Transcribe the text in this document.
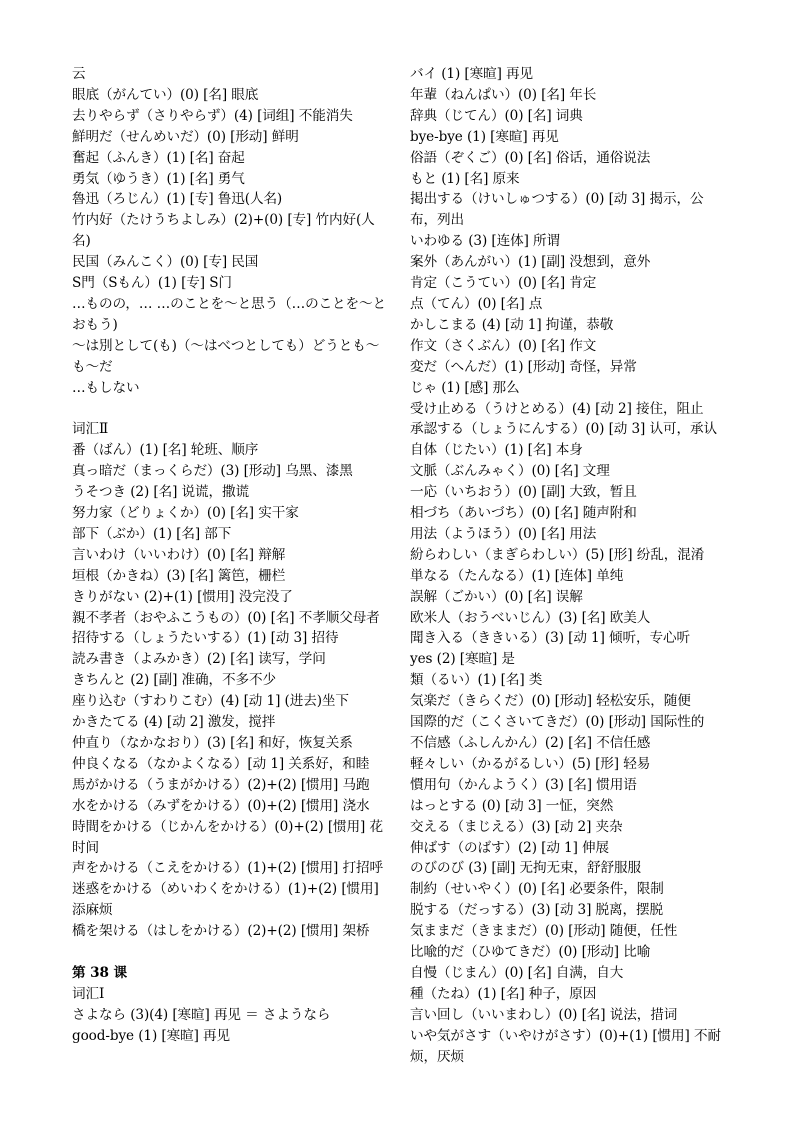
云
眼底（がんてい）(0) [名] 眼底
去りやらず（さりやらず）(4) [词组] 不能消失
鮮明だ（せんめいだ）(0) [形动] 鲜明
奮起（ふんき）(1) [名] 奋起
勇気（ゆうき）(1) [名] 勇气
魯迅（ろじん）(1) [专] 鲁迅(人名)
竹内好（たけうちよしみ）(2)+(0) [专] 竹内好(人名)
民国（みんこく）(0) [专] 民国
S門（Sもん）(1) [专] S门
…ものの，… …のことを～と思う（…のことを～とおもう)
～は別として(も)（～はべつとしても）どうとも～も～だ
…もしない
词汇Ⅱ
番（ばん）(1) [名] 轮班、顺序
真っ暗だ（まっくらだ）(3) [形动] 乌黑、漆黑
うそつき (2) [名] 说谎，撒谎
努力家（どりょくか）(0) [名] 实干家
部下（ぶか）(1) [名] 部下
言いわけ（いいわけ）(0) [名] 辩解
垣根（かきね）(3) [名] 篱笆，栅栏
きりがない (2)+(1) [惯用] 没完没了
親不孝者（おやふこうもの）(0) [名] 不孝顺父母者
招待する（しょうたいする）(1) [动 3] 招待
読み書き（よみかき）(2) [名] 读写，学问
きちんと (2) [副] 准确，不多不少
座り込む（すわりこむ）(4) [动 1] (进去)坐下
かきたてる (4) [动 2] 激发，搅拌
仲直り（なかなおり）(3) [名] 和好，恢复关系
仲良くなる（なかよくなる）[动 1] 关系好，和睦
馬がかける（うまがかける）(2)+(2) [惯用] 马跑
水をかける（みずをかける）(0)+(2) [惯用] 浇水
時間をかける（じかんをかける）(0)+(2) [惯用] 花时间
声をかける（こえをかける）(1)+(2) [惯用] 打招呼
迷惑をかける（めいわくをかける）(1)+(2) [惯用] 添麻烦
橋を架ける（はしをかける）(2)+(2) [惯用] 架桥
第 38 课
词汇Ⅰ
さよなら (3)(4) [寒暄] 再见 ＝ さようなら
good-bye (1) [寒暄] 再见
バイ (1) [寒暄] 再见
年輩（ねんぱい）(0) [名] 年长
辞典（じてん）(0) [名] 词典
bye-bye (1) [寒暄] 再见
俗語（ぞくご）(0) [名] 俗话，通俗说法
もと (1) [名] 原来
掲出する（けいしゅつする）(0) [动 3] 揭示，公布，列出
いわゆる (3) [连体] 所谓
案外（あんがい）(1) [副] 没想到，意外
肯定（こうてい）(0) [名] 肯定
点（てん）(0) [名] 点
かしこまる (4) [动 1] 拘谨，恭敬
作文（さくぶん）(0) [名] 作文
変だ（へんだ）(1) [形动] 奇怪，异常
じゃ (1) [感] 那么
受け止める（うけとめる）(4) [动 2] 接住，阻止
承認する（しょうにんする）(0) [动 3] 认可，承认
自体（じたい）(1) [名] 本身
文脈（ぶんみゃく）(0) [名] 文理
一応（いちおう）(0) [副] 大致，暂且
相づち（あいづち）(0) [名] 随声附和
用法（ようほう）(0) [名] 用法
紛らわしい（まぎらわしい）(5) [形] 纷乱，混淆
単なる（たんなる）(1) [连体] 单纯
誤解（ごかい）(0) [名] 误解
欧米人（おうべいじん）(3) [名] 欧美人
聞き入る（ききいる）(3) [动 1] 倾听，专心听
yes (2) [寒暄] 是
類（るい）(1) [名] 类
気楽だ（きらくだ）(0) [形动] 轻松安乐，随便
国際的だ（こくさいてきだ）(0) [形动] 国际性的
不信感（ふしんかん）(2) [名] 不信任感
軽々しい（かるがるしい）(5) [形] 轻易
慣用句（かんようく）(3) [名] 惯用语
はっとする (0) [动 3] 一怔，突然
交える（まじえる）(3) [动 2] 夹杂
伸ばす（のばす）(2) [动 1] 伸展
のびのび (3) [副] 无拘无束，舒舒服服
制約（せいやく）(0) [名] 必要条件，限制
脱する（だっする）(3) [动 3] 脱离，摆脱
気ままだ（きままだ）(0) [形动] 随便，任性
比喩的だ（ひゆてきだ）(0) [形动] 比喻
自慢（じまん）(0) [名] 自满，自大
種（たね）(1) [名] 种子，原因
言い回し（いいまわし）(0) [名] 说法，措词
いや気がさす（いやけがさす）(0)+(1) [惯用] 不耐烦，厌烦
